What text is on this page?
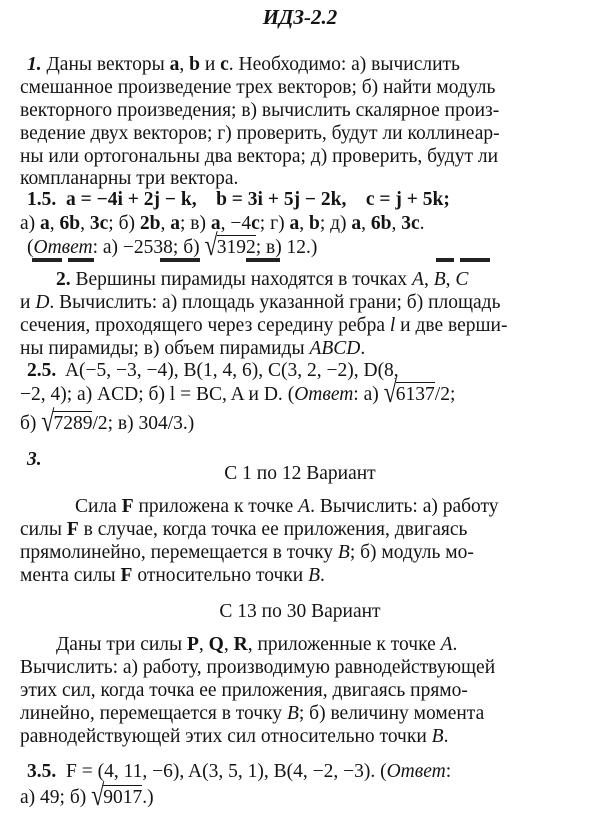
ИДЗ-2.2
1. Даны векторы a, b и c. Необходимо: а) вычислить
смешанное произведение трех векторов; б) найти модуль
векторного произведения; в) вычислить скалярное произ-
ведение двух векторов; г) проверить, будут ли коллинеар-
ны или ортогональны два вектора; д) проверить, будут ли
компланарны три вектора.
1.5. a = −4i + 2j − k, b = 3i + 5j − 2k, c = j + 5k;
а) a, 6b, 3c; б) 2b, a; в) a, −4c; г) a, b; д) a, 6b, 3c.
(Ответ: а) −2538; б) √3192; в) 12.)
2. Вершины пирамиды находятся в точках A, B, C
и D. Вычислить: а) площадь указанной грани; б) площадь
сечения, проходящего через середину ребра l и две верши-
ны пирамиды; в) объем пирамиды ABCD.
2.5. A(−5, −3, −4), B(1, 4, 6), C(3, 2, −2), D(8,
−2, 4); а) ACD; б) l = BC, A и D. (Ответ: а) √6137/2;
б) √7289/2; в) 304/3.)
3.
С 1 по 12 Вариант
Сила F приложена к точке A. Вычислить: а) работу
силы F в случае, когда точка ее приложения, двигаясь
прямолинейно, перемещается в точку B; б) модуль мо-
мента силы F относительно точки B.
С 13 по 30 Вариант
Даны три силы P, Q, R, приложенные к точке A.
Вычислить: а) работу, производимую равнодействующей
этих сил, когда точка ее приложения, двигаясь прямо-
линейно, перемещается в точку B; б) величину момента
равнодействующей этих сил относительно точки B.
3.5. F = (4, 11, −6), A(3, 5, 1), B(4, −2, −3). (Ответ:
а) 49; б) √9017.)
